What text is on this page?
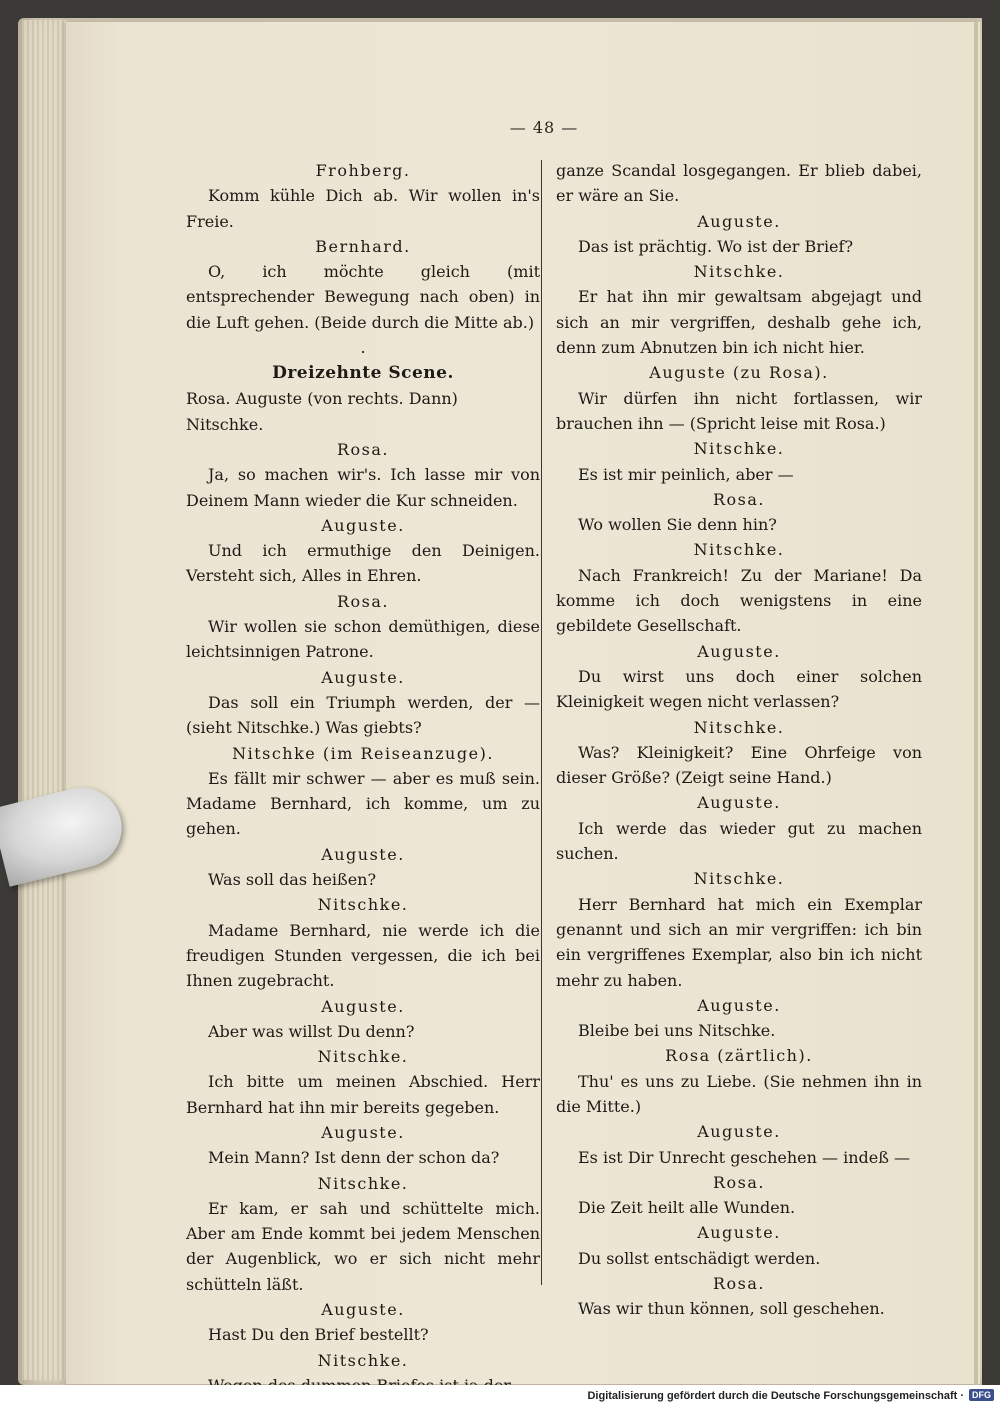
— 48 —

Frohberg.

Komm kühle Dich ab. Wir wollen in's Freie.

Bernhard.

O, ich möchte gleich (mit entsprechender Bewegung nach oben) in die Luft gehen. (Beide durch die Mitte ab.)

.

Dreizehnte Scene.

Rosa. Auguste (von rechts. Dann) Nitschke.

Rosa.

Ja, so machen wir's. Ich lasse mir von Deinem Mann wieder die Kur schneiden.

Auguste.

Und ich ermuthige den Deinigen. Versteht sich, Alles in Ehren.

Rosa.

Wir wollen sie schon demüthigen, diese leichtsinnigen Patrone.

Auguste.

Das soll ein Triumph werden, der — (sieht Nitschke.) Was giebts?

Nitschke (im Reiseanzuge).

Es fällt mir schwer — aber es muß sein. Madame Bernhard, ich komme, um zu gehen.

Auguste.

Was soll das heißen?

Nitschke.

Madame Bernhard, nie werde ich die freudigen Stunden vergessen, die ich bei Ihnen zugebracht.

Auguste.

Aber was willst Du denn?

Nitschke.

Ich bitte um meinen Abschied. Herr Bernhard hat ihn mir bereits gegeben.

Auguste.

Mein Mann? Ist denn der schon da?

Nitschke.

Er kam, er sah und schüttelte mich. Aber am Ende kommt bei jedem Menschen der Augenblick, wo er sich nicht mehr schütteln läßt.

Auguste.

Hast Du den Brief bestellt?

Nitschke.

ganze Scandal losgegangen. Er blieb dabei, er wäre an Sie.

Auguste.

Das ist prächtig. Wo ist der Brief?

Nitschke.

Er hat ihn mir gewaltsam abgejagt und sich an mir vergriffen, deshalb gehe ich, denn zum Abnutzen bin ich nicht hier.

Auguste (zu Rosa).

Wir dürfen ihn nicht fortlassen, wir brauchen ihn — (Spricht leise mit Rosa.)

Nitschke.

Es ist mir peinlich, aber —

Rosa.

Wo wollen Sie denn hin?

Nitschke.

Nach Frankreich! Zu der Mariane! Da komme ich doch wenigstens in eine gebildete Gesellschaft.

Auguste.

Du wirst uns doch einer solchen Kleinigkeit wegen nicht verlassen?

Nitschke.

Was? Kleinigkeit? Eine Ohrfeige von dieser Größe? (Zeigt seine Hand.)

Auguste.

Ich werde das wieder gut zu machen suchen.

Nitschke.

Herr Bernhard hat mich ein Exemplar genannt und sich an mir vergriffen: ich bin ein vergriffenes Exemplar, also bin ich nicht mehr zu haben.

Auguste.

Bleibe bei uns Nitschke.

Rosa (zärtlich).

Thu' es uns zu Liebe. (Sie nehmen ihn in die Mitte.)

Auguste.

Es ist Dir Unrecht geschehen — indeß —

Rosa.

Die Zeit heilt alle Wunden.

Auguste.

Du sollst entschädigt werden.

Rosa.

Was wir thun können, soll geschehen.

Digitalisierung gefördert durch die Deutsche Forschungsgemeinschaft · DFG
